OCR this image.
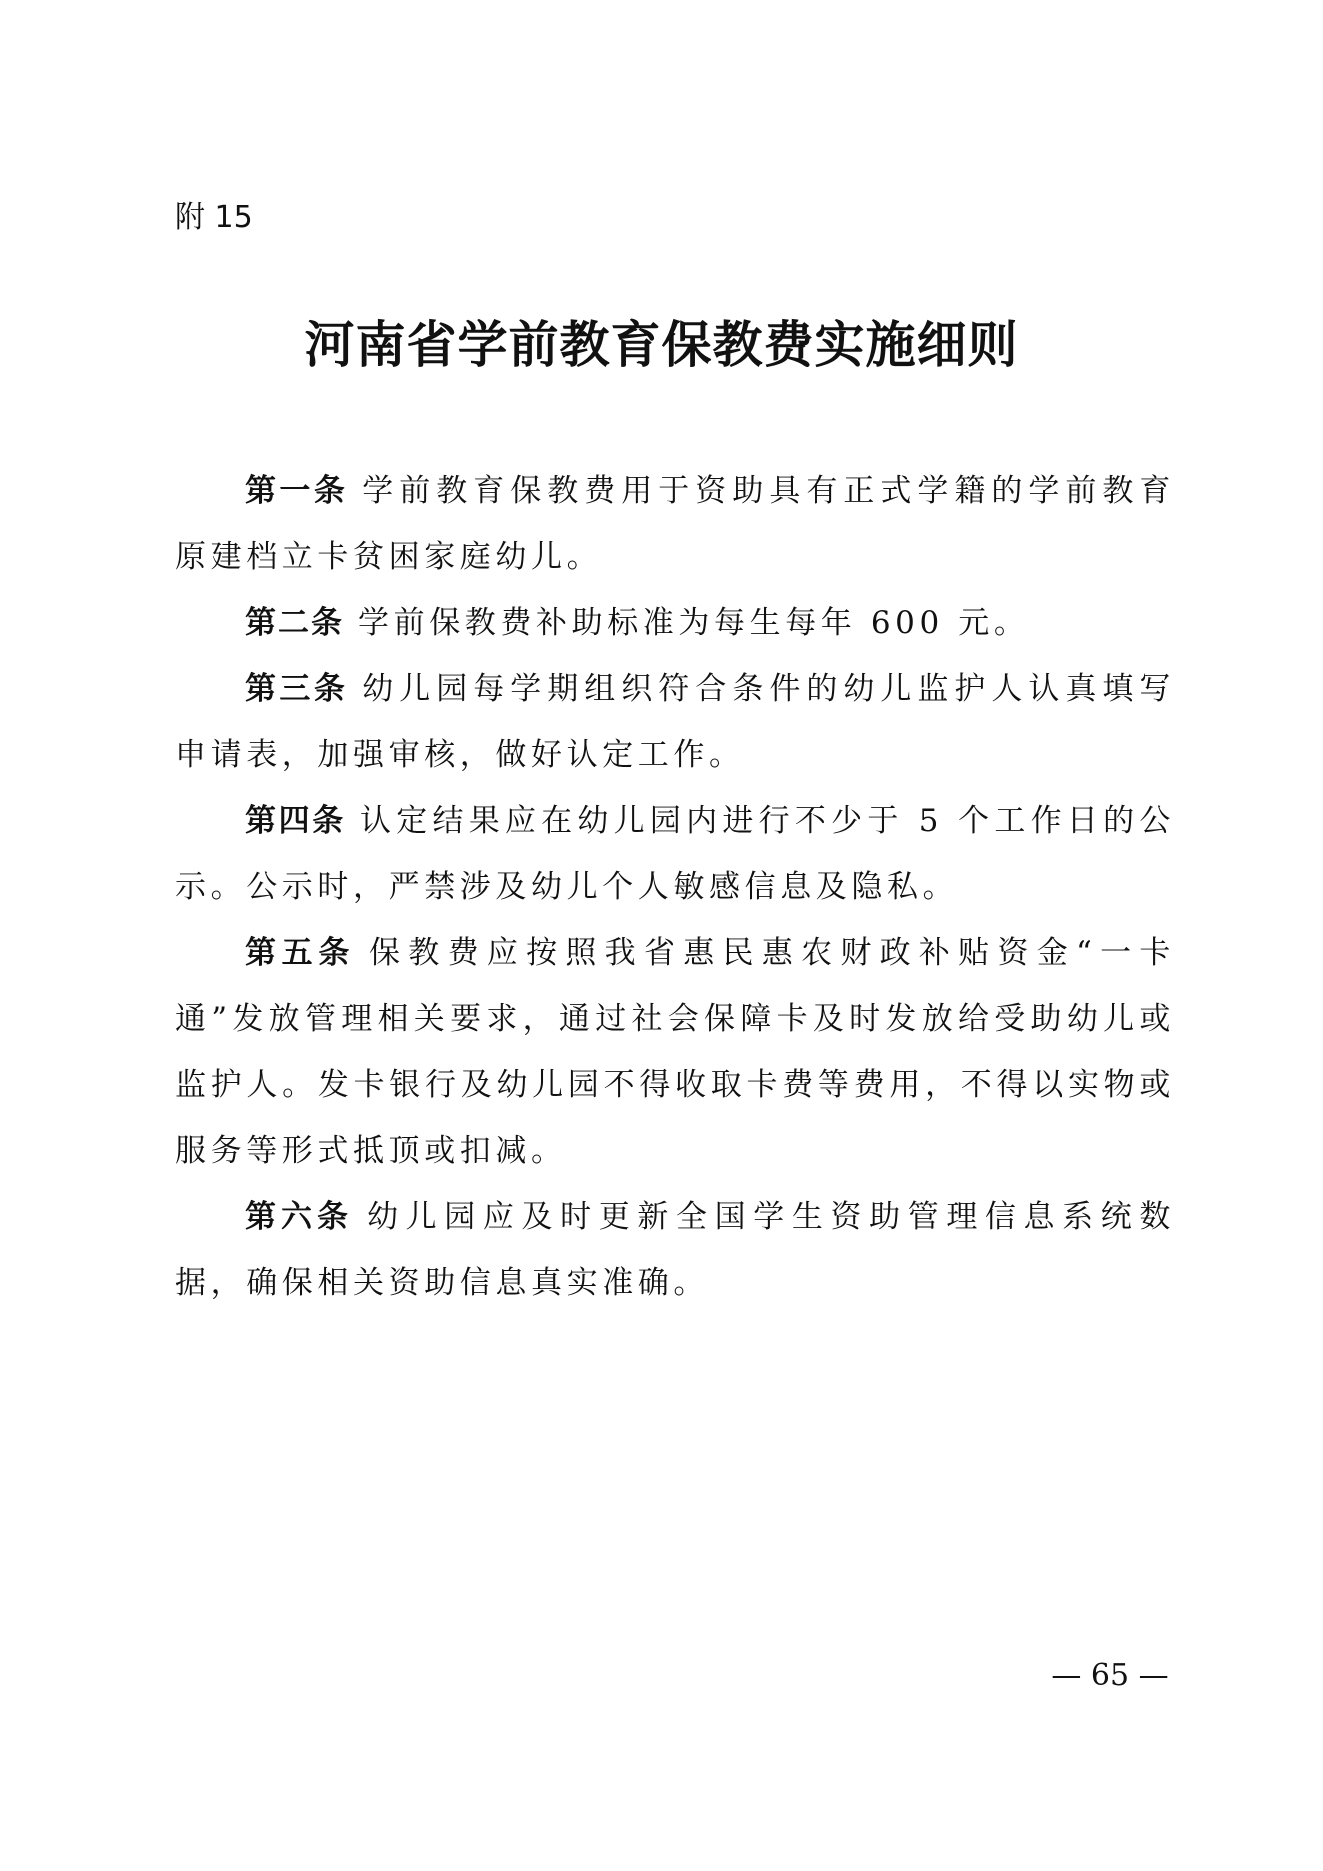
附 15
河南省学前教育保教费实施细则

第一条 学前教育保教费用于资助具有正式学籍的学前教育原建档立卡贫困家庭幼儿。

第二条 学前保教费补助标准为每生每年 600 元。

第三条 幼儿园每学期组织符合条件的幼儿监护人认真填写申请表，加强审核，做好认定工作。

第四条 认定结果应在幼儿园内进行不少于 5 个工作日的公示。公示时，严禁涉及幼儿个人敏感信息及隐私。

第五条 保教费应按照我省惠民惠农财政补贴资金“一卡通”发放管理相关要求，通过社会保障卡及时发放给受助幼儿或监护人。发卡银行及幼儿园不得收取卡费等费用，不得以实物或服务等形式抵顶或扣减。

第六条 幼儿园应及时更新全国学生资助管理信息系统数据，确保相关资助信息真实准确。

— 65 —
